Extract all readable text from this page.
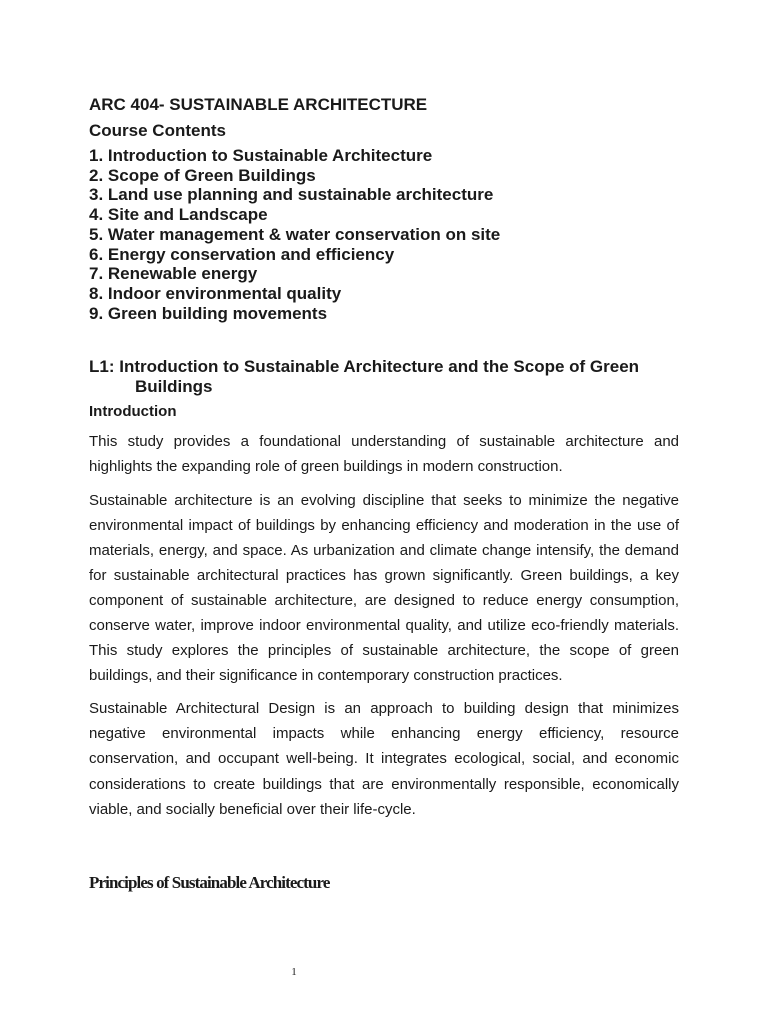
ARC 404- SUSTAINABLE ARCHITECTURE
Course Contents
1. Introduction to Sustainable Architecture
2. Scope of Green Buildings
3. Land use planning and sustainable architecture
4. Site and Landscape
5. Water management & water conservation on site
6. Energy conservation and efficiency
7. Renewable energy
8. Indoor environmental quality
9. Green building movements
L1: Introduction to Sustainable Architecture and the Scope of Green
Buildings
Introduction

This study provides a foundational understanding of sustainable architecture and highlights the expanding role of green buildings in modern construction.

Sustainable architecture is an evolving discipline that seeks to minimize the negative environmental impact of buildings by enhancing efficiency and moderation in the use of materials, energy, and space. As urbanization and climate change intensify, the demand for sustainable architectural practices has grown significantly. Green buildings, a key component of sustainable architecture, are designed to reduce energy consumption, conserve water, improve indoor environmental quality, and utilize eco-friendly materials. This study explores the principles of sustainable architecture, the scope of green buildings, and their significance in contemporary construction practices.

Sustainable Architectural Design is an approach to building design that minimizes negative environmental impacts while enhancing energy efficiency, resource conservation, and occupant well-being. It integrates ecological, social, and economic considerations to create buildings that are environmentally responsible, economically viable, and socially beneficial over their life-cycle.

Principles of Sustainable Architecture
1
